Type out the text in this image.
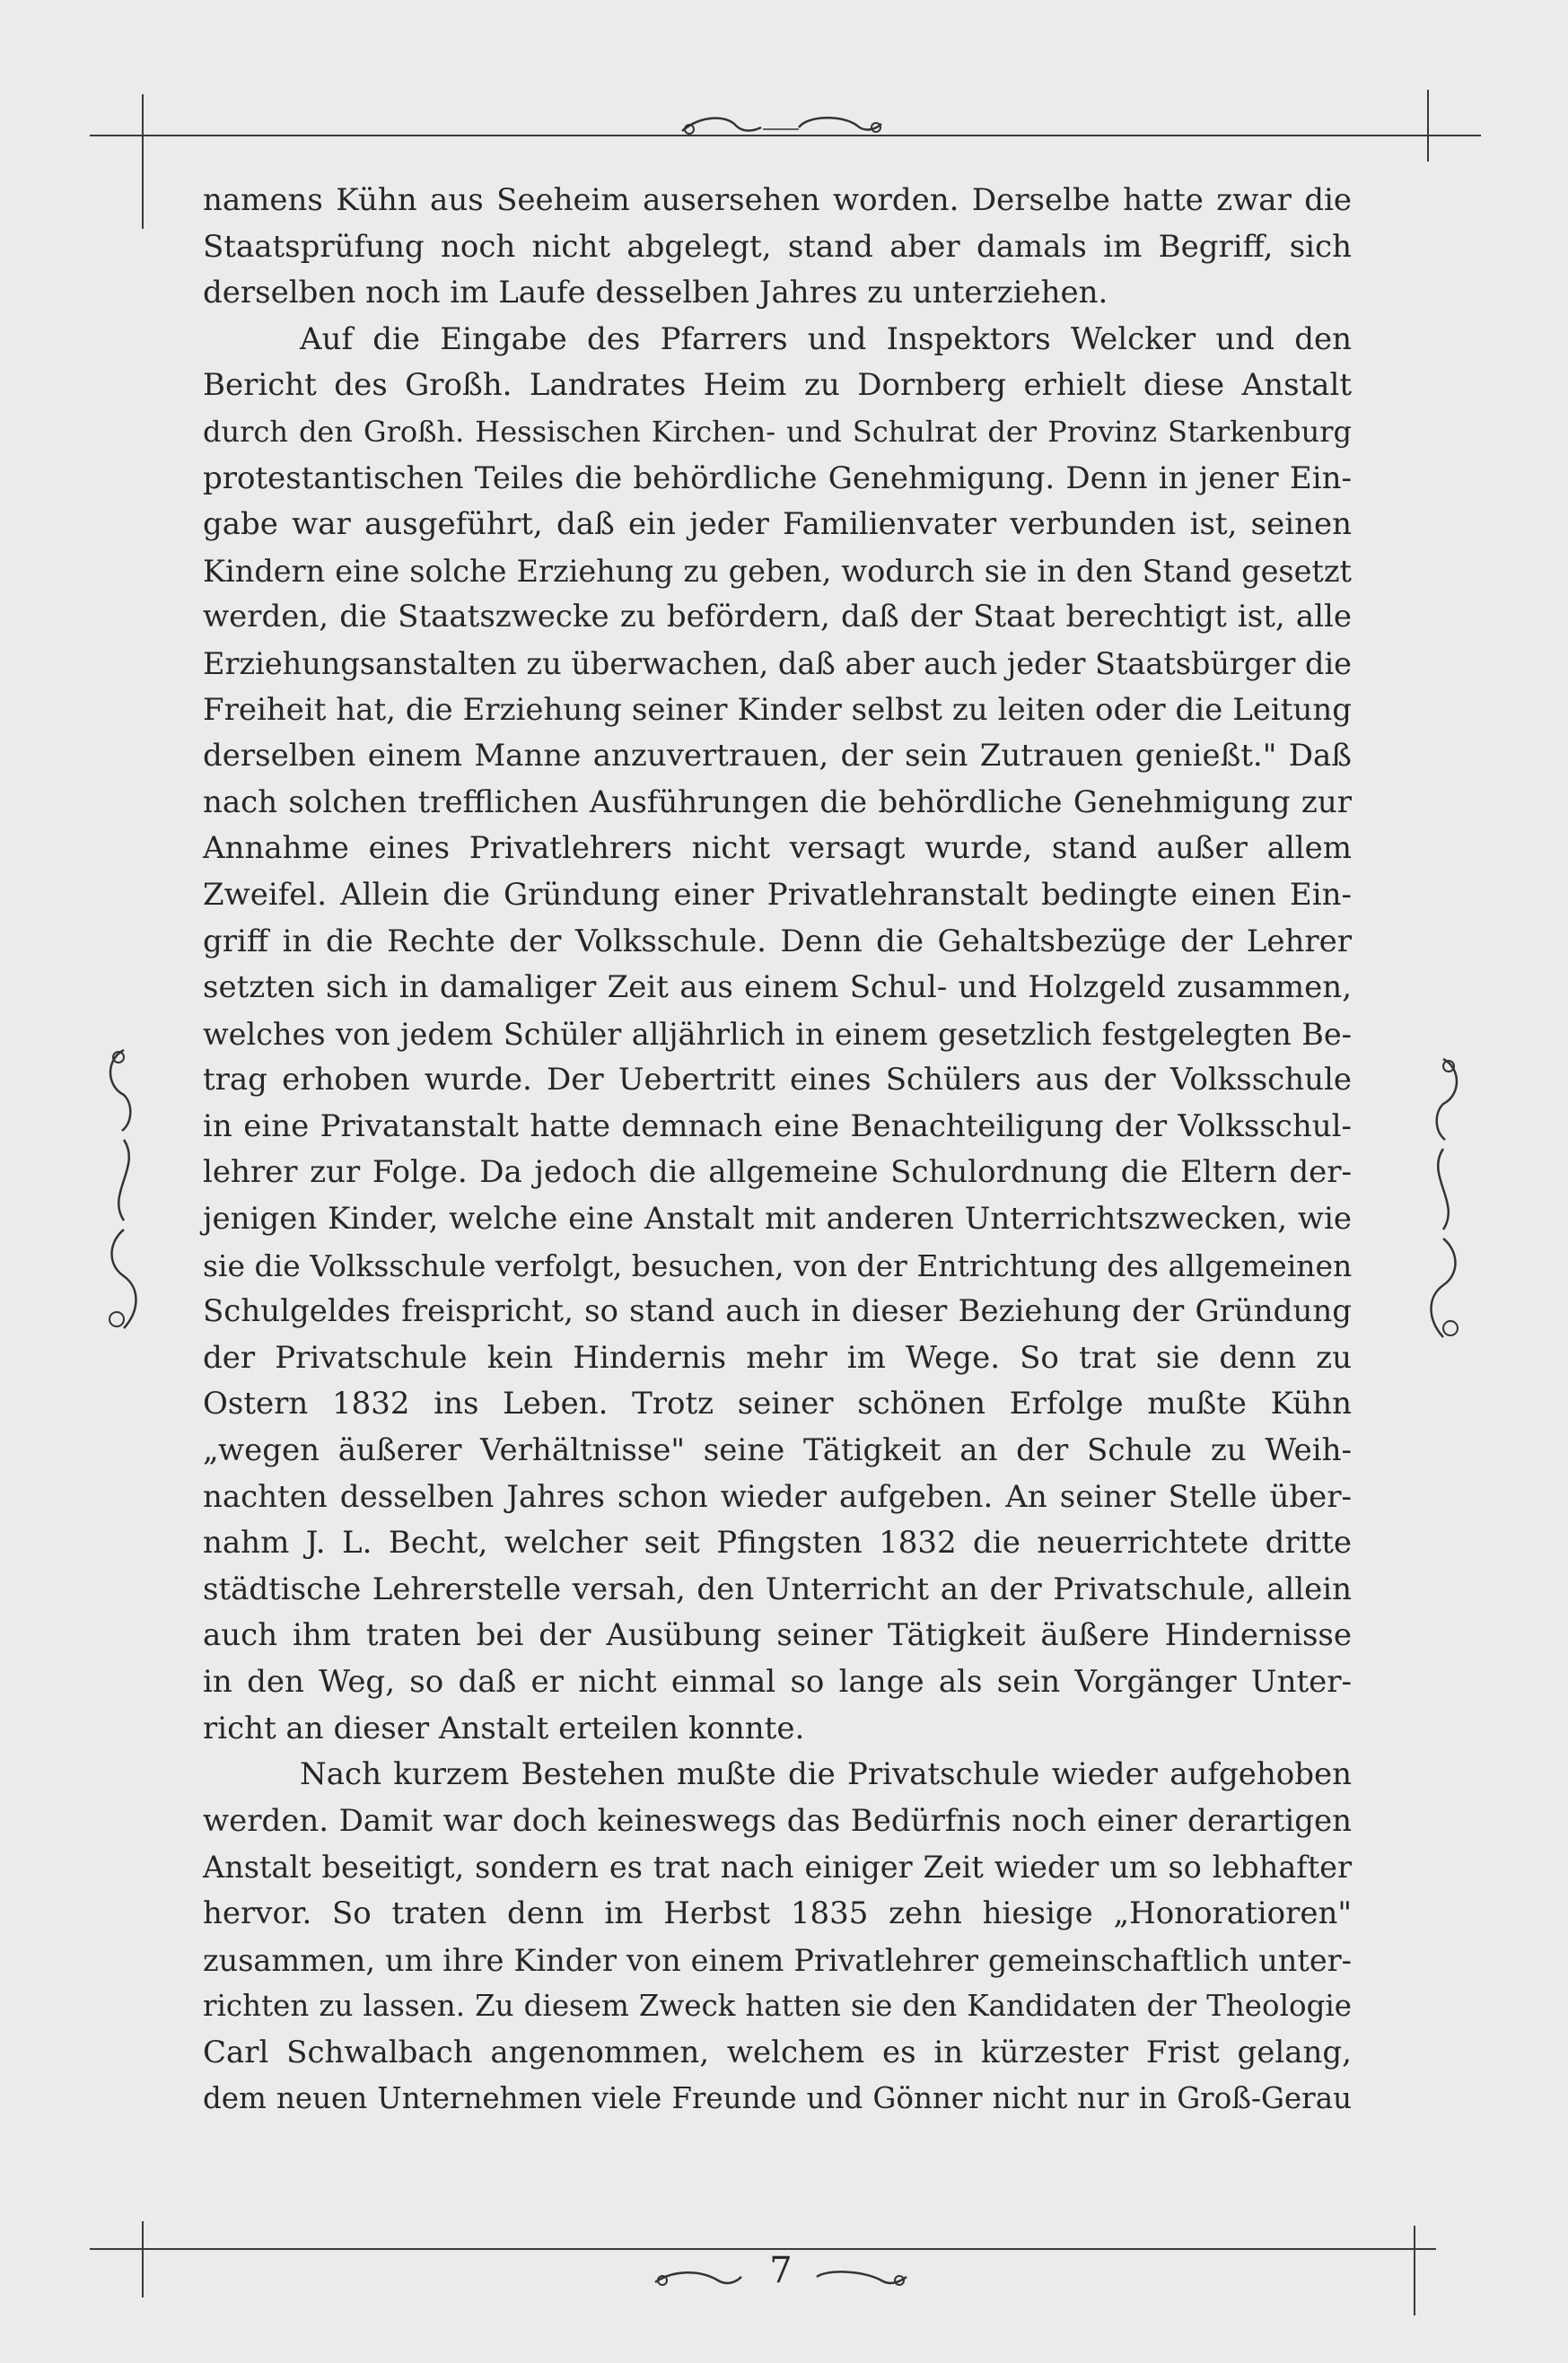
namens Kühn aus Seeheim ausersehen worden. Derselbe hatte zwar die
Staatsprüfung noch nicht abgelegt, stand aber damals im Begriff, sich
derselben noch im Laufe desselben Jahres zu unterziehen.
Auf die Eingabe des Pfarrers und Inspektors Welcker und den
Bericht des Großh. Landrates Heim zu Dornberg erhielt diese Anstalt
durch den Großh. Hessischen Kirchen- und Schulrat der Provinz Starkenburg
protestantischen Teiles die behördliche Genehmigung. Denn in jener Ein-
gabe war ausgeführt, daß ein jeder Familienvater verbunden ist, seinen
Kindern eine solche Erziehung zu geben, wodurch sie in den Stand gesetzt
werden, die Staatszwecke zu befördern, daß der Staat berechtigt ist, alle
Erziehungsanstalten zu überwachen, daß aber auch jeder Staatsbürger die
Freiheit hat, die Erziehung seiner Kinder selbst zu leiten oder die Leitung
derselben einem Manne anzuvertrauen, der sein Zutrauen genießt." Daß
nach solchen trefflichen Ausführungen die behördliche Genehmigung zur
Annahme eines Privatlehrers nicht versagt wurde, stand außer allem
Zweifel. Allein die Gründung einer Privatlehranstalt bedingte einen Ein-
griff in die Rechte der Volksschule. Denn die Gehaltsbezüge der Lehrer
setzten sich in damaliger Zeit aus einem Schul- und Holzgeld zusammen,
welches von jedem Schüler alljährlich in einem gesetzlich festgelegten Be-
trag erhoben wurde. Der Uebertritt eines Schülers aus der Volksschule
in eine Privatanstalt hatte demnach eine Benachteiligung der Volksschul-
lehrer zur Folge. Da jedoch die allgemeine Schulordnung die Eltern der-
jenigen Kinder, welche eine Anstalt mit anderen Unterrichtszwecken, wie
sie die Volksschule verfolgt, besuchen, von der Entrichtung des allgemeinen
Schulgeldes freispricht, so stand auch in dieser Beziehung der Gründung
der Privatschule kein Hindernis mehr im Wege. So trat sie denn zu
Ostern 1832 ins Leben. Trotz seiner schönen Erfolge mußte Kühn
„wegen äußerer Verhältnisse" seine Tätigkeit an der Schule zu Weih-
nachten desselben Jahres schon wieder aufgeben. An seiner Stelle über-
nahm J. L. Becht, welcher seit Pfingsten 1832 die neuerrichtete dritte
städtische Lehrerstelle versah, den Unterricht an der Privatschule, allein
auch ihm traten bei der Ausübung seiner Tätigkeit äußere Hindernisse
in den Weg, so daß er nicht einmal so lange als sein Vorgänger Unter-
richt an dieser Anstalt erteilen konnte.
Nach kurzem Bestehen mußte die Privatschule wieder aufgehoben
werden. Damit war doch keineswegs das Bedürfnis noch einer derartigen
Anstalt beseitigt, sondern es trat nach einiger Zeit wieder um so lebhafter
hervor. So traten denn im Herbst 1835 zehn hiesige „Honoratioren"
zusammen, um ihre Kinder von einem Privatlehrer gemeinschaftlich unter-
richten zu lassen. Zu diesem Zweck hatten sie den Kandidaten der Theologie
Carl Schwalbach angenommen, welchem es in kürzester Frist gelang,
dem neuen Unternehmen viele Freunde und Gönner nicht nur in Groß-Gerau
7
